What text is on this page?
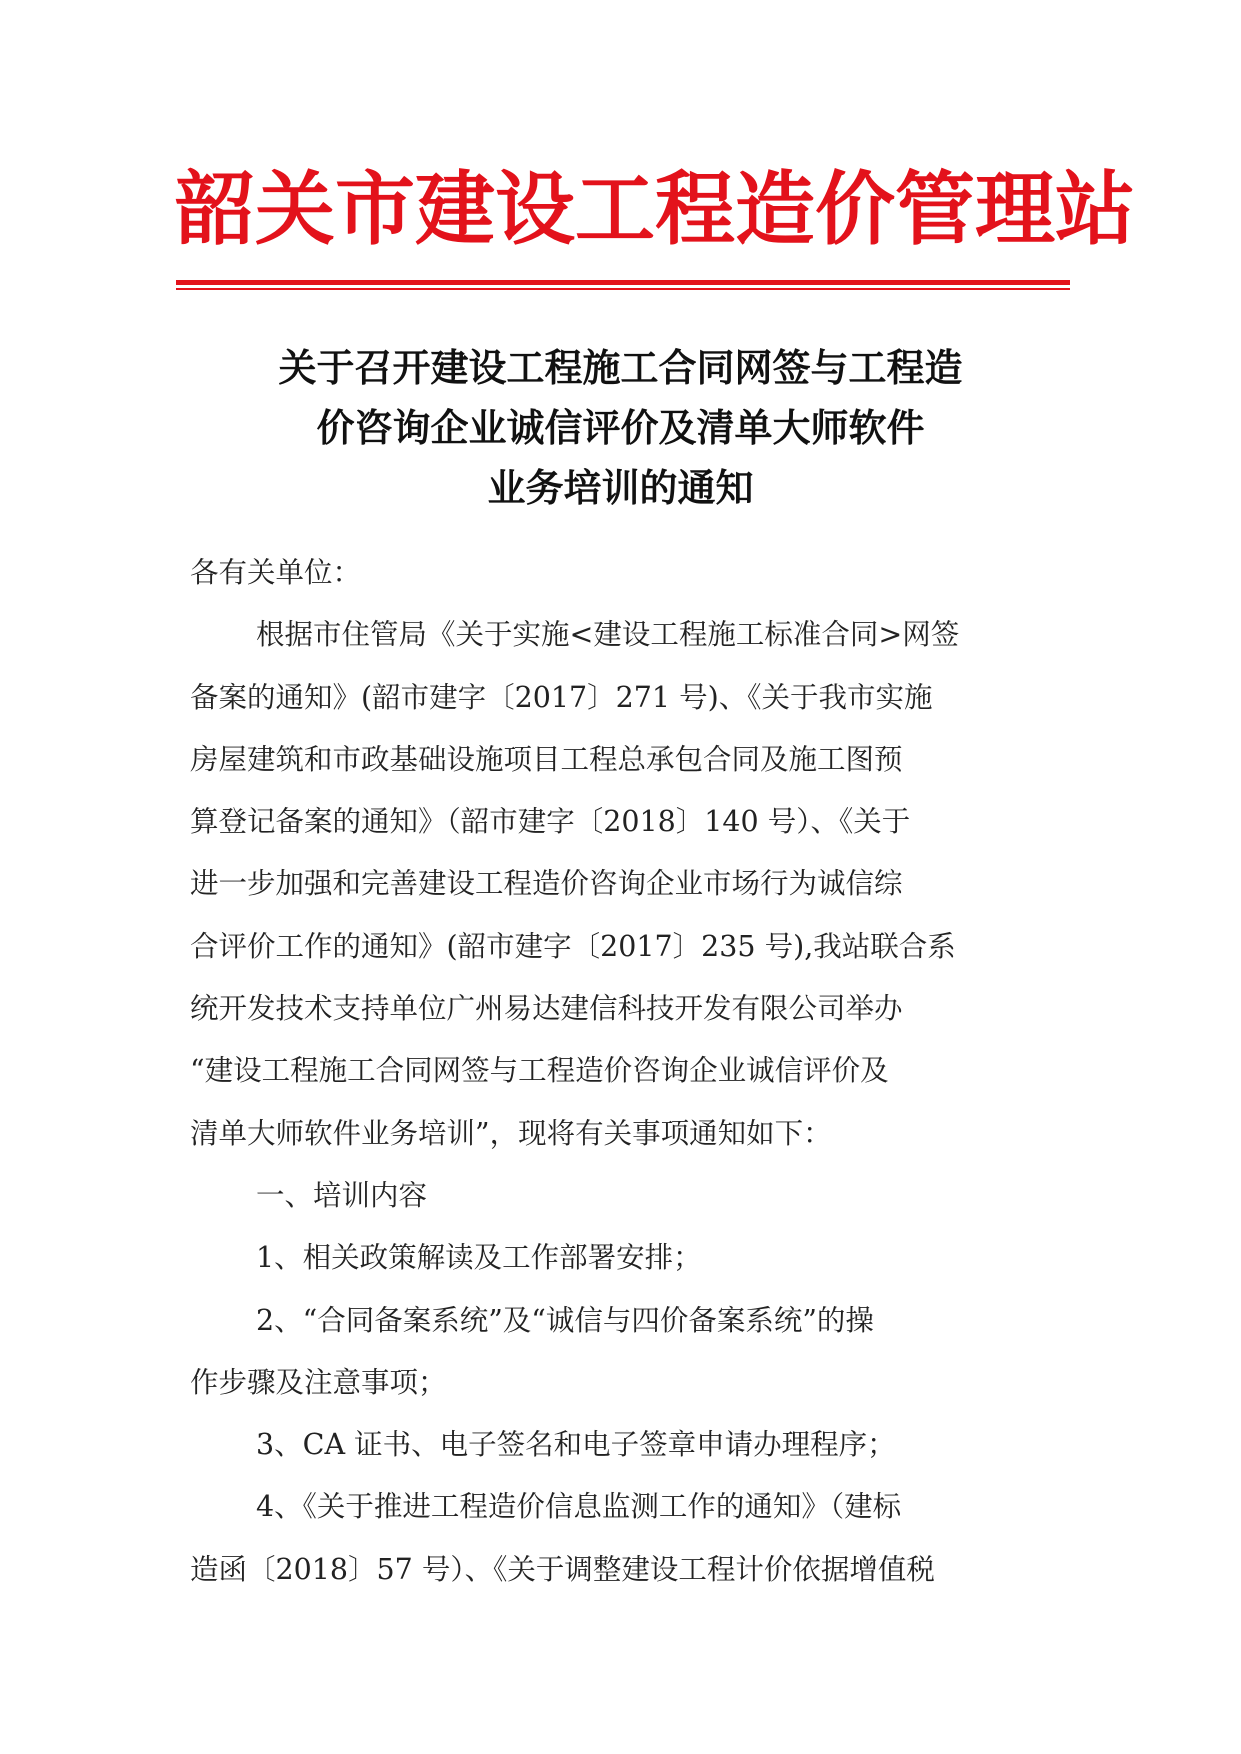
韶关市建设工程造价管理站
关于召开建设工程施工合同网签与工程造
价咨询企业诚信评价及清单大师软件
业务培训的通知
各有关单位：
根据市住管局《关于实施<建设工程施工标准合同>网签
备案的通知》(韶市建字〔2017〕271 号)、《关于我市实施
房屋建筑和市政基础设施项目工程总承包合同及施工图预
算登记备案的通知》（韶市建字〔2018〕140 号）、《关于
进一步加强和完善建设工程造价咨询企业市场行为诚信综
合评价工作的通知》(韶市建字〔2017〕235 号),我站联合系
统开发技术支持单位广州易达建信科技开发有限公司举办
“建设工程施工合同网签与工程造价咨询企业诚信评价及
清单大师软件业务培训”，现将有关事项通知如下：
一、培训内容
1、相关政策解读及工作部署安排；
2、“合同备案系统”及“诚信与四价备案系统”的操
作步骤及注意事项；
3、CA 证书、电子签名和电子签章申请办理程序；
4、《关于推进工程造价信息监测工作的通知》（建标
造函〔2018〕57 号）、《关于调整建设工程计价依据增值税
